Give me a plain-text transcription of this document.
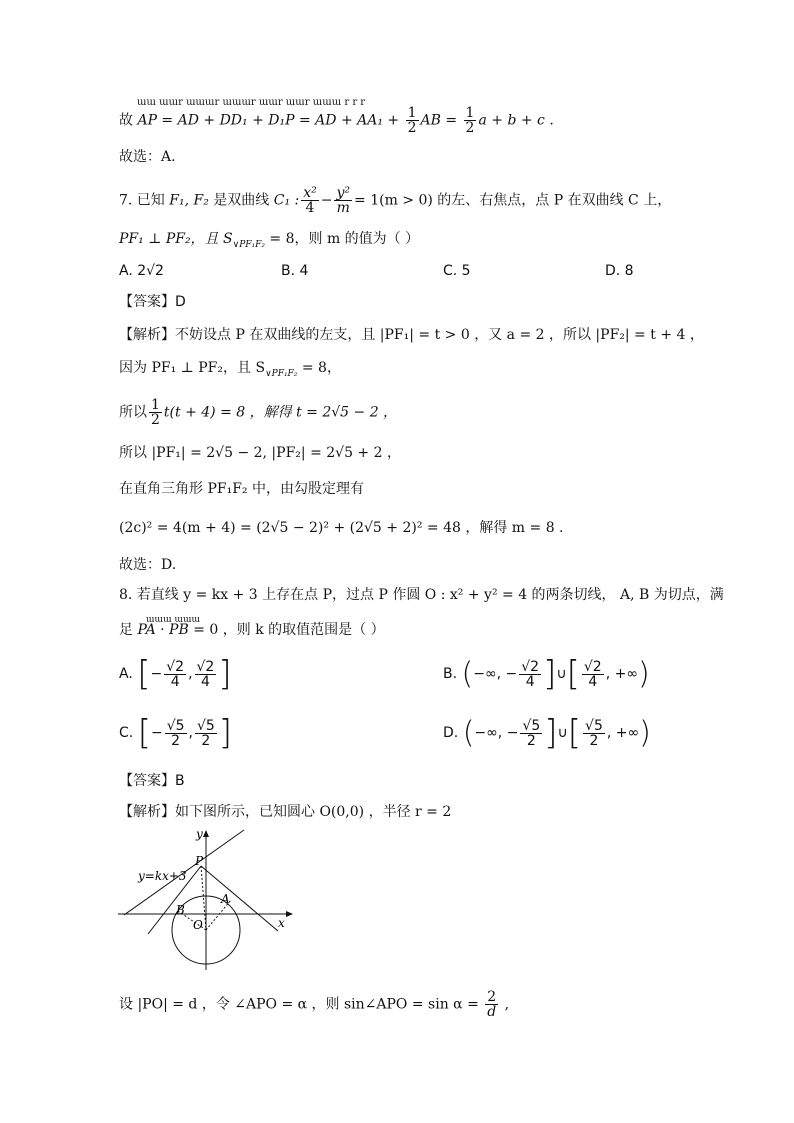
ɯɯ ɯɯr ɯɯɯr ɯɯɯr ɯɯr ɯɯr ɯɯɯ r r r
故 AP = AD + DD₁ + D₁P = AD + $AA_1 + \frac{1}{2}$ AB = $\frac{1}{2}$ a + b + c .
故选：A.
7. 已知 F₁, F₂ 是双曲线 C₁ : $\frac{\text{x²}}{4} - \frac{\text{y²}}{m} = 1(m > 0)$ 的左、右焦点，点 P 在双曲线 C 上，
PF₁ ⊥ PF₂，且 $S_{\vee PF_1F_2} = 8$，则 m 的值为（ ）
A. 2√2	B. 4	C. 5	D. 8
【答案】D
【解析】不妨设点 P 在双曲线的左支，且 |PF₁| = t > 0 ，又 a = 2 ，所以 |PF₂| = t + 4 ，
因为 PF₁ ⊥ PF₂，且 $S_{\vee PF_1F_2} = 8$，
所以 $\frac{1}{2} t(t + 4) = 8$ ，解得 t = 2√5 − 2 ，
所以 |PF₁| = 2√5 − 2, |PF₂| = 2√5 + 2 ，
在直角三角形 PF₁F₂ 中，由勾股定理有
(2c)² = 4(m + 4) = (2√5 − 2)² + (2√5 + 2)² = 48 ，解得 m = 8 .
故选：D.
8. 若直线 y = kx + 3 上存在点 P，过点 P 作圆 O : x² + y² = 4 的两条切线， A, B 为切点，满
ɯɯɯ ɯɯɯ
足 PA · PB = 0 ，则 k 的取值范围是（ ）
A. [− $\frac{√2}{4}$ , $\frac{√2}{4}$ ]	B. (−∞, − $\frac{√2}{4}$ ]∪[ $\frac{√2}{4}$ , +∞)
C. [− $\frac{√5}{2}$ , $\frac{√5}{2}$ ]	D. (−∞, − $\frac{√5}{2}$ ]∪[ $\frac{√5}{2}$ , +∞)
【答案】B
【解析】如下图所示，已知圆心 O(0,0) ，半径 r = 2
y=kx+3
y
x
P
A
B
O
设 |PO| = d ，令 ∠APO = α ，则 sin∠APO = $\sin \alpha = \frac{2}{d}$ ,
